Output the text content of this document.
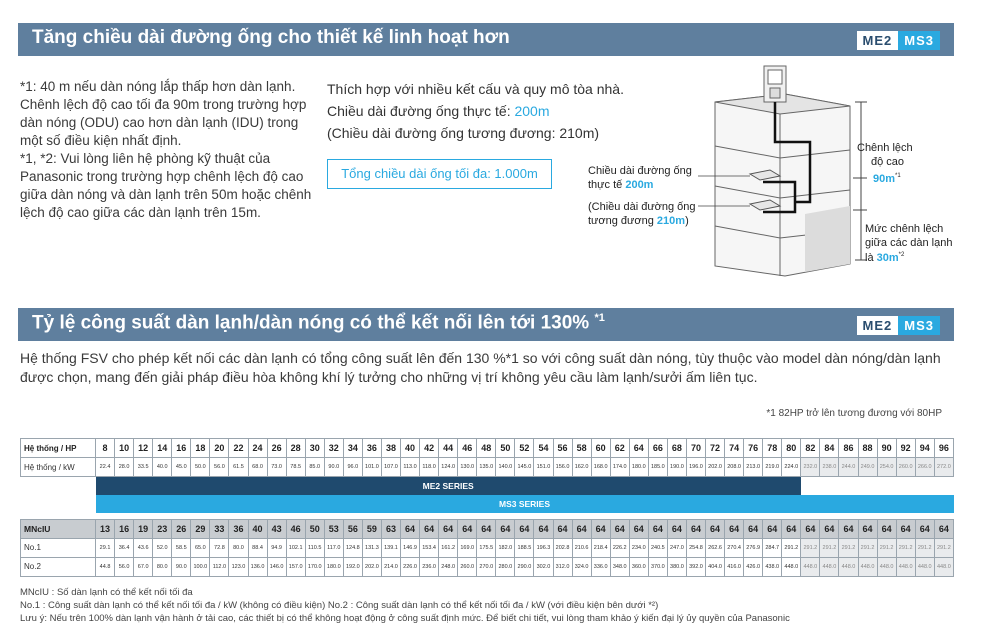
Tăng chiều dài đường ống cho thiết kế linh hoạt hơn	ME2 MS3

*1: 40 m nếu dàn nóng lắp thấp hơn dàn lạnh.

Chênh lệch độ cao tối đa 90m trong trường hợp dàn nóng (ODU) cao hơn dàn lạnh (IDU) trong một số điều kiện nhất định.

*1, *2: Vui lòng liên hệ phòng kỹ thuật của Panasonic trong trường hợp chênh lệch độ cao giữa dàn nóng và dàn lạnh trên 50m hoặc chênh lệch độ cao giữa các dàn lạnh trên 15m.

Thích hợp với nhiều kết cấu và quy mô tòa nhà.
Chiều dài đường ống thực tế: 200m
(Chiều dài đường ống tương đương: 210m)
Tổng chiều dài ống tối đa: 1.000m	Chiều dài đường ống
thực tế 200m
(Chiều dài đường ống
tương đương 210m)
Chênh lệch
độ cao
$90m^{*1}$
Mức chênh lệch
giữa các dàn lạnh
là $30m^{*2}$
Tỷ lệ công suất dàn lạnh/dàn nóng có thể kết nối lên tới 130% $^{*1}$	ME2 MS3
Hệ thống FSV cho phép kết nối các dàn lạnh có tổng công suất lên đến 130 %*1 so với công suất dàn nóng, tùy thuộc vào model dàn nóng/dàn lạnh được chọn, mang đến giải pháp điều hòa không khí lý tưởng cho những vị trí không yêu cầu làm lạnh/sưởi ấm liên tục.
*1 82HP trở lên tương đương với 80HP
Hệ thống / HP	8	10	12	14	16	18	20	22	24	26	28	30	32	34	36	38	40	42	44	46	48	50	52	54	56	58	60	62	64	66	68	70	72	74	76	78	80	82	84	86	88	90	92	94	96
Hệ thống / kW	22.4	28.0	33.5	40.0	45.0	50.0	56.0	61.5	68.0	73.0	78.5	85.0	90.0	96.0	101.0	107.0	113.0	118.0	124.0	130.0	135.0	140.0	145.0	151.0	156.0	162.0	168.0	174.0	180.0	185.0	190.0	196.0	202.0	208.0	213.0	219.0	224.0	232.0	238.0	244.0	249.0	254.0	260.0	266.0	272.0

	ME2 SERIES																																												

	MS3 SERIES																																												

MNcIU	13	16	19	23	26	29	33	36	40	43	46	50	53	56	59	63	64	64	64	64	64	64	64	64	64	64	64	64	64	64	64	64	64	64	64	64	64	64	64	64	64	64	64	64	64
No.1	29.1	36.4	43.6	52.0	58.5	65.0	72.8	80.0	88.4	94.9	102.1	110.5	117.0	124.8	131.3	139.1	146.9	153.4	161.2	169.0	175.5	182.0	188.5	196.3	202.8	210.6	218.4	226.2	234.0	240.5	247.0	254.8	262.6	270.4	276.9	284.7	291.2	291.2	291.2	291.2	291.2	291.2	291.2	291.2	291.2
No.2	44.8	56.0	67.0	80.0	90.0	100.0	112.0	123.0	136.0	146.0	157.0	170.0	180.0	192.0	202.0	214.0	226.0	236.0	248.0	260.0	270.0	280.0	290.0	302.0	312.0	324.0	336.0	348.0	360.0	370.0	380.0	392.0	404.0	416.0	426.0	438.0	448.0	448.0	448.0	448.0	448.0	448.0	448.0	448.0	448.0
MNcIU : Số dàn lạnh có thể kết nối tối đa
No.1 : Công suất dàn lạnh có thể kết nối tối đa / kW (không có điều kiện) No.2 : Công suất dàn lạnh có thể kết nối tối đa / kW (với điều kiện bên dưới *²)
Lưu ý: Nếu trên 100% dàn lạnh vận hành ở tải cao, các thiết bị có thể không hoạt động ở công suất định mức. Để biết chi tiết, vui lòng tham khảo ý kiến đại lý ủy quyền của Panasonic
